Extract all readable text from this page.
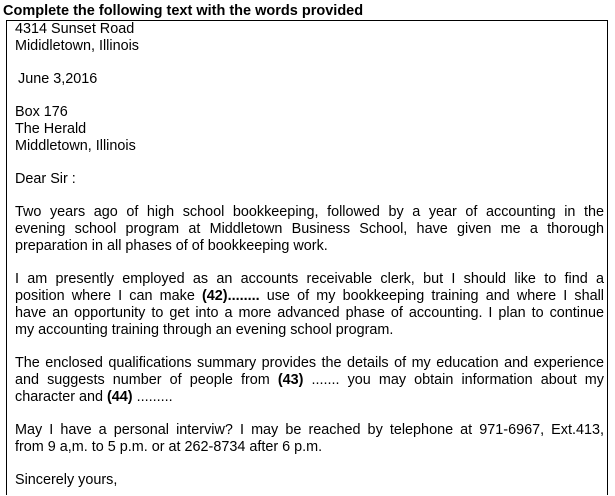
Complete the following text with the words provided
4314 Sunset Road
Mididletown, Illinois
June 3,2016
Box 176
The Herald
Middletown, Illinois
Dear Sir :
Two years ago of high school bookkeeping, followed by a year of accounting in the
evening school program at Middletown Business School, have given me a thorough
preparation in all phases of of bookkeeping work.
I am presently employed as an accounts receivable clerk, but I should like to find a
position where I can make (42)........ use of my bookkeeping training and where I shall
have an opportunity to get into a more advanced phase of accounting. I plan to continue
my accounting training through an evening school program.
The enclosed qualifications summary provides the details of my education and experience
and suggests number of people from (43) ....... you may obtain information about my
character and (44) .........
May I have a personal interviw? I may be reached by telephone at 971-6967, Ext.413,
from 9 a,m. to 5 p.m. or at 262-8734 after 6 p.m.
Sincerely yours,
